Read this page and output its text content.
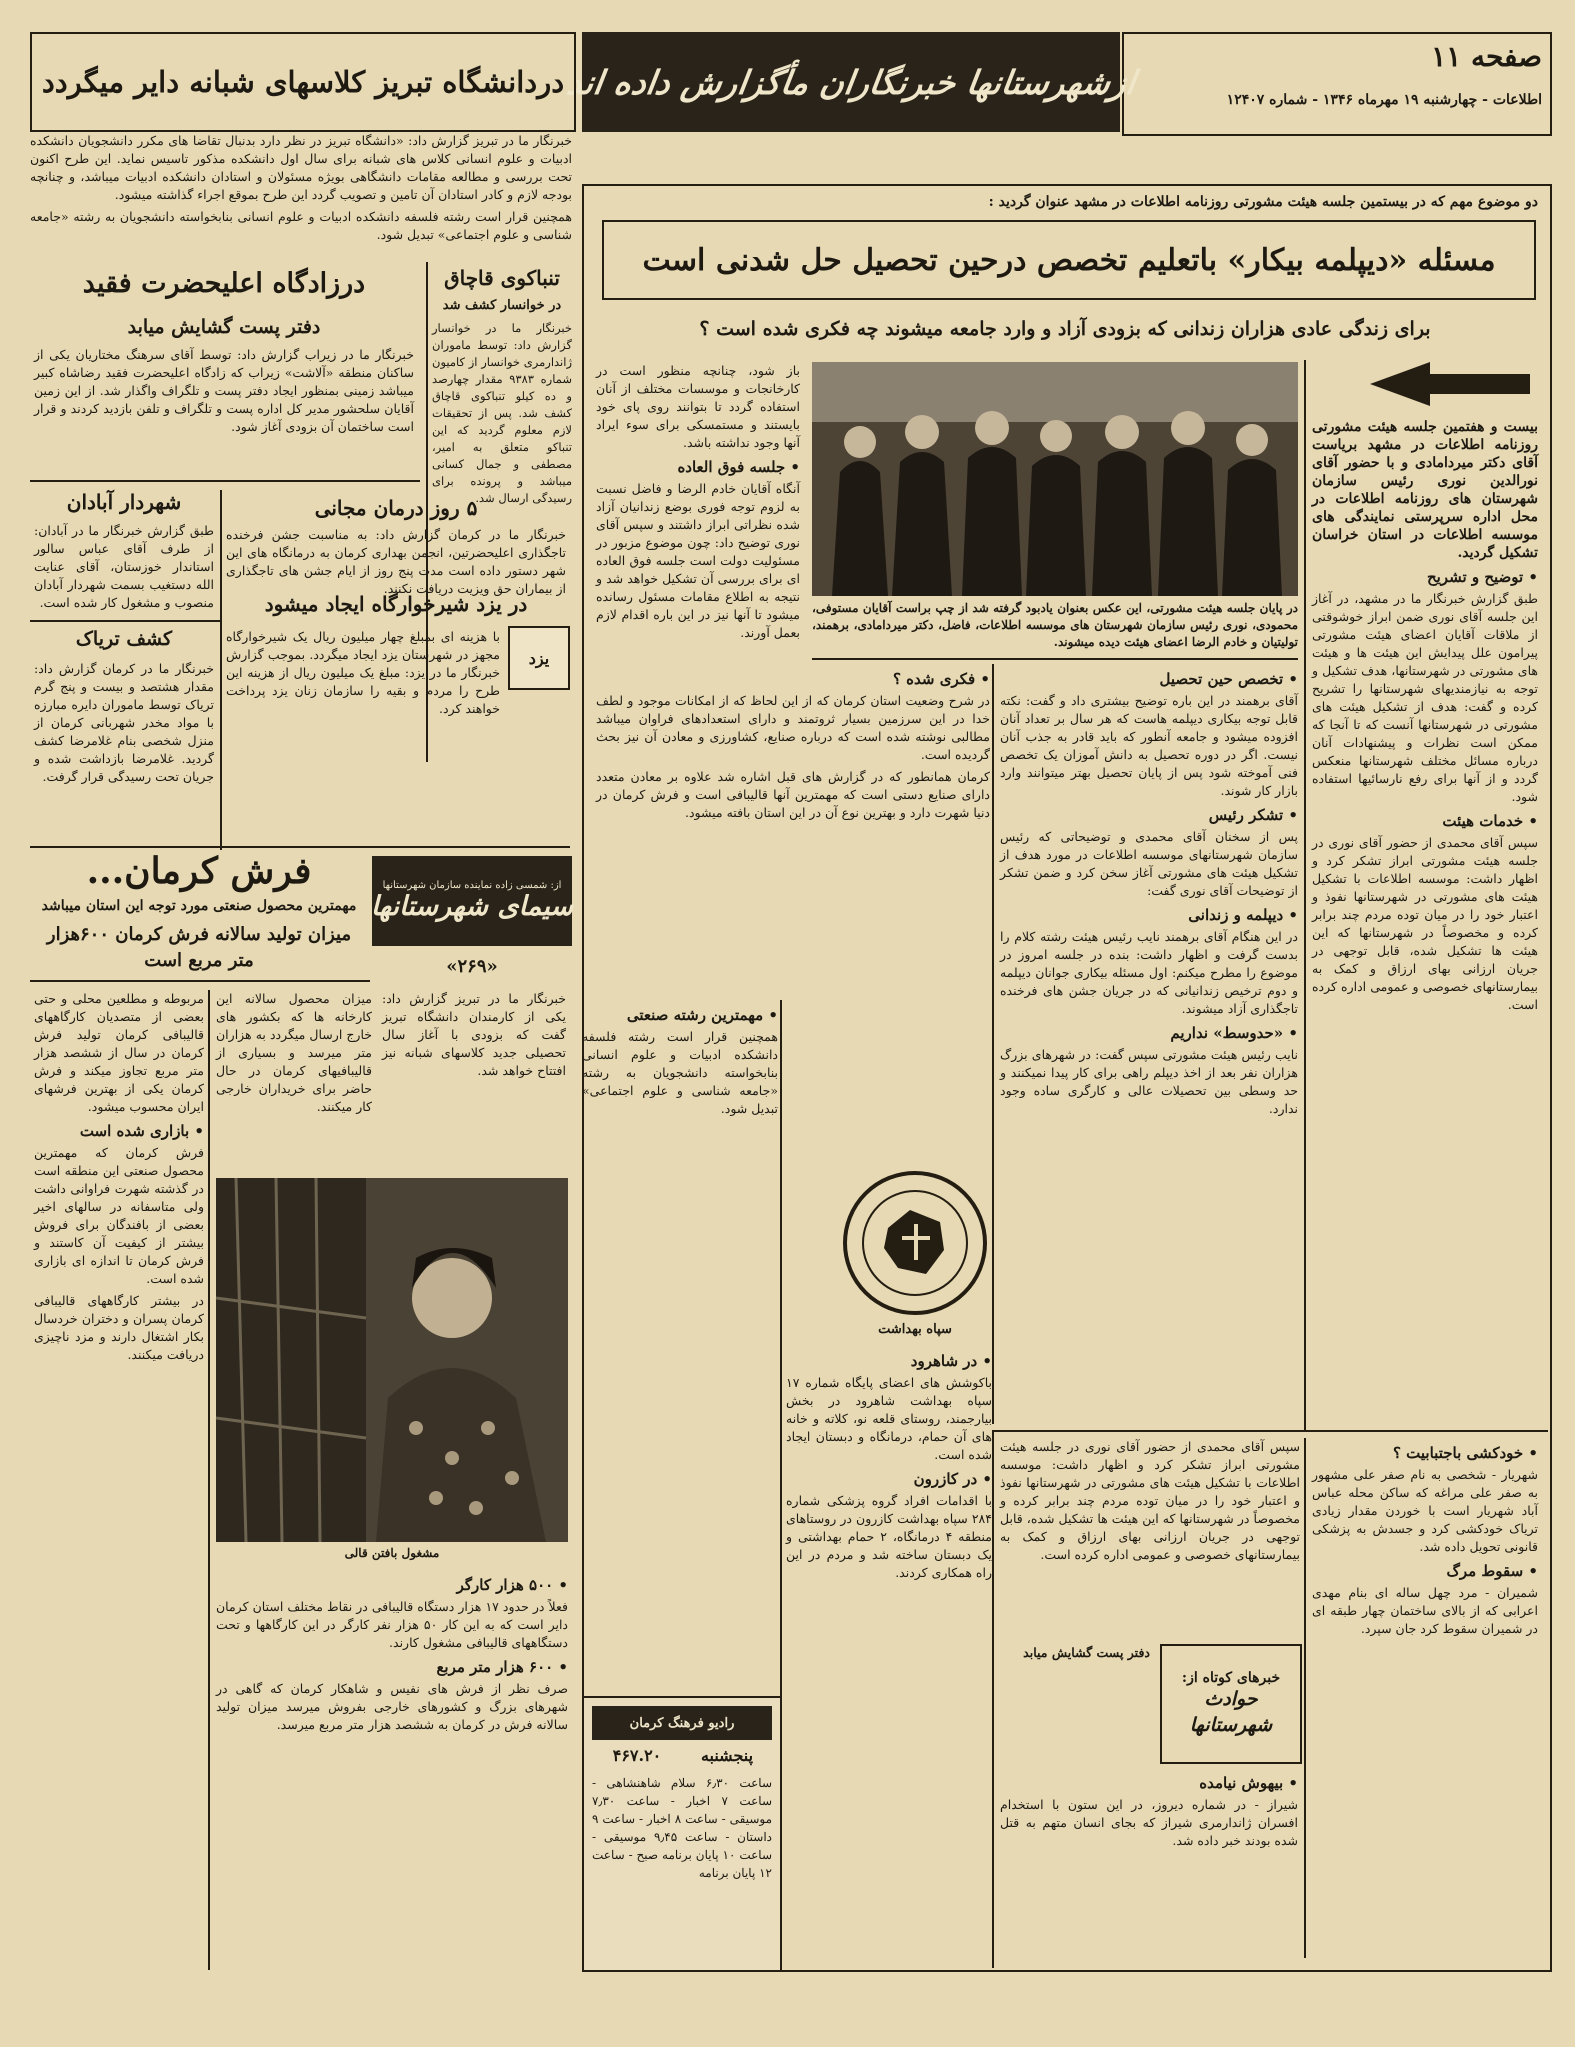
صفحه ۱۱
اطلاعات - چهارشنبه ۱۹ مهرماه ۱۳۴۶ - شماره ۱۲۴۰۷
ازشهرستانها خبرنگاران مأگزارش داده اند
دردانشگاه تبریز کلاسهای شبانه دایر میگردد

خبرنگار ما در تبریز گزارش داد: «دانشگاه تبریز در نظر دارد بدنبال تقاضا های مکرر دانشجویان دانشکده ادبیات و علوم انسانی کلاس های شبانه برای سال اول دانشکده مذکور تاسیس نماید. این طرح اکنون تحت بررسی و مطالعه مقامات دانشگاهی بویژه مسئولان و استادان دانشکده ادبیات میباشد، و چنانچه بودجه لازم و کادر استادان آن تامین و تصویب گردد این طرح بموقع اجراء گذاشته میشود.

همچنین قرار است رشته فلسفه دانشکده ادبیات و علوم انسانی بنابخواسته دانشجویان به رشته «جامعه شناسی و علوم اجتماعی» تبدیل شود.

دو موضوع مهم که در بیستمین جلسه هیئت مشورتی روزنامه اطلاعات در مشهد عنوان گردید :
مسئله «دیپلمه بیکار» باتعلیم تخصص درحین تحصیل حل شدنی است
برای زندگی عادی هزاران زندانی که بزودی آزاد و وارد جامعه میشوند چه فکری شده است ؟

بیست و هفتمین جلسه هیئت مشورتی روزنامه اطلاعات در مشهد بریاست آقای دکتر میردامادی و با حضور آقای نورالدین نوری رئیس سازمان شهرستان های روزنامه اطلاعات در محل اداره سرپرستی نمایندگی های موسسه اطلاعات در استان خراسان تشکیل گردید.

• توضیح و تشریح

طبق گزارش خبرنگار ما در مشهد، در آغاز این جلسه آقای نوری ضمن ابراز خوشوقتی از ملاقات آقایان اعضای هیئت مشورتی پیرامون علل پیدایش این هیئت ها و هیئت های مشورتی در شهرستانها، هدف تشکیل و توجه به نیازمندیهای شهرستانها را تشریح کرده و گفت: هدف از تشکیل هیئت های مشورتی در شهرستانها آنست که تا آنجا که ممکن است نظرات و پیشنهادات آنان درباره مسائل مختلف شهرستانها منعکس گردد و از آنها برای رفع نارسائیها استفاده شود.

• خدمات هیئت

سپس آقای محمدی از حضور آقای نوری در جلسه هیئت مشورتی ابراز تشکر کرد و اظهار داشت: موسسه اطلاعات با تشکیل هیئت های مشورتی در شهرستانها نفوذ و اعتبار خود را در میان توده مردم چند برابر کرده و مخصوصاً در شهرستانها که این هیئت ها تشکیل شده، قابل توجهی در جریان ارزانی بهای ارزاق و کمک به بیمارستانهای خصوصی و عمومی اداره کرده است.

در پایان جلسه هیئت مشورتی، این عکس بعنوان یادبود گرفته شد از چپ براست آقایان مستوفی، محمودی، نوری رئیس سازمان شهرستان های موسسه اطلاعات، فاضل، دکتر میردامادی، برهمند، تولیتیان و خادم الرضا اعضای هیئت دیده میشوند.
• تخصص حین تحصیل

آقای برهمند در این باره توضیح بیشتری داد و گفت: نکته قابل توجه بیکاری دیپلمه هاست که هر سال بر تعداد آنان افزوده میشود و جامعه آنطور که باید قادر به جذب آنان نیست. اگر در دوره تحصیل به دانش آموزان یک تخصص فنی آموخته شود پس از پایان تحصیل بهتر میتوانند وارد بازار کار شوند.

• تشکر رئیس

پس از سخنان آقای محمدی و توضیحاتی که رئیس سازمان شهرستانهای موسسه اطلاعات در مورد هدف از تشکیل هیئت های مشورتی آغاز سخن کرد و ضمن تشکر از توضیحات آقای نوری گفت:

• دیپلمه و زندانی

در این هنگام آقای برهمند نایب رئیس هیئت رشته کلام را بدست گرفت و اظهار داشت: بنده در جلسه امروز در موضوع را مطرح میکنم: اول مسئله بیکاری جوانان دیپلمه و دوم ترخیص زندانیانی که در جریان جشن های فرخنده تاجگذاری آزاد میشوند.

• «حدوسط» نداریم

نایب رئیس هیئت مشورتی سپس گفت: در شهرهای بزرگ هزاران نفر بعد از اخذ دیپلم راهی برای کار پیدا نمیکنند و حد وسطی بین تحصیلات عالی و کارگری ساده وجود ندارد.

باز شود، چنانچه منظور است در کارخانجات و موسسات مختلف از آنان استفاده گردد تا بتوانند روی پای خود بایستند و مستمسکی برای سوء ایراد آنها وجود نداشته باشد.

• جلسه فوق العاده

آنگاه آقایان خادم الرضا و فاضل نسبت به لزوم توجه فوری بوضع زندانیان آزاد شده نظراتی ابراز داشتند و سپس آقای نوری توضیح داد: چون موضوع مزبور در مسئولیت دولت است جلسه فوق العاده ای برای بررسی آن تشکیل خواهد شد و نتیجه به اطلاع مقامات مسئول رسانده میشود تا آنها نیز در این باره اقدام لازم بعمل آورند.

• فکری شده ؟

در شرح وضعیت استان کرمان که از این لحاظ که از امکانات موجود و لطف خدا در این سرزمین بسیار ثروتمند و دارای استعدادهای فراوان میباشد مطالبی نوشته شده است که درباره صنایع، کشاورزی و معادن آن نیز بحث گردیده است.

کرمان همانطور که در گزارش های قبل اشاره شد علاوه بر معادن متعدد دارای صنایع دستی است که مهمترین آنها قالیبافی است و فرش کرمان در دنیا شهرت دارد و بهترین نوع آن در این استان بافته میشود.

درزادگاه اعلیحضرت فقید
دفتر پست گشایش میابد
خبرنگار ما در زیراب گزارش داد: توسط آقای سرهنگ مختاریان یکی از ساکنان منطقه «آلاشت» زیراب که زادگاه اعلیحضرت فقید رضاشاه کبیر میباشد زمینی بمنظور ایجاد دفتر پست و تلگراف واگذار شد. از این زمین آقایان سلحشور مدیر کل اداره پست و تلگراف و تلفن بازدید کردند و قرار است ساختمان آن بزودی آغاز شود.
تنباکوی قاچاق
در خوانسار کشف شد
خبرنگار ما در خوانسار گزارش داد: توسط ماموران ژاندارمری خوانسار از کامیون شماره ۹۳۸۳ مقدار چهارصد و ده کیلو تنباکوی قاچاق کشف شد. پس از تحقیقات لازم معلوم گردید که این تنباکو متعلق به امیر، مصطفی و جمال کسانی میباشد و پرونده برای رسیدگی ارسال شد.
شهردار آبادان
طبق گزارش خبرنگار ما در آبادان: از طرف آقای عباس سالور استاندار خوزستان، آقای عنایت الله دستغیب بسمت شهردار آبادان منصوب و مشغول کار شده است.
۵ روز درمان مجانی
خبرنگار ما در کرمان گزارش داد: به مناسبت جشن فرخنده تاجگذاری اعلیحضرتین، انجمن بهداری کرمان به درمانگاه های این شهر دستور داده است مدت پنج روز از ایام جشن های تاجگذاری از بیماران حق ویزیت دریافت نکنند.
در یزد شیرخوارگاه ایجاد میشود
کشف تریاک
خبرنگار ما در کرمان گزارش داد: مقدار هشتصد و بیست و پنج گرم تریاک توسط ماموران دایره مبارزه با مواد مخدر شهربانی کرمان از منزل شخصی بنام غلامرضا کشف گردید. غلامرضا بازداشت شده و جریان تحت رسیدگی قرار گرفت.
یزد
با هزینه ای بمبلغ چهار میلیون ریال یک شیرخوارگاه مجهز در شهرستان یزد ایجاد میگردد. بموجب گزارش خبرنگار ما در یزد: مبلغ یک میلیون ریال از هزینه این طرح را مردم و بقیه را سازمان زنان یزد پرداخت خواهند کرد.
از: شمسی زاده نماینده سازمان شهرستانها
سیمای شهرستانها
«۲۶۹»
فرش کرمان...
مهمترین محصول صنعتی مورد توجه این استان میباشد
میزان تولید سالانه فرش کرمان ۶۰۰هزار متر مربع است

خبرنگار ما در تبریز گزارش داد: یکی از کارمندان دانشگاه تبریز گفت که بزودی با آغاز سال تحصیلی جدید کلاسهای شبانه نیز افتتاح خواهد شد.

میزان محصول سالانه این کارخانه ها که بکشور های خارج ارسال میگردد به هزاران متر میرسد و بسیاری از قالیبافیهای کرمان در حال حاضر برای خریداران خارجی کار میکنند.

مربوطه و مطلعین محلی و حتی بعضی از متصدیان کارگاههای قالیبافی کرمان تولید فرش کرمان در سال از ششصد هزار متر مربع تجاوز میکند و فرش کرمان یکی از بهترین فرشهای ایران محسوب میشود.

• بازاری شده است

فرش کرمان که مهمترین محصول صنعتی این منطقه است در گذشته شهرت فراوانی داشت ولی متاسفانه در سالهای اخیر بعضی از بافندگان برای فروش بیشتر از کیفیت آن کاستند و فرش کرمان تا اندازه ای بازاری شده است.

در بیشتر کارگاههای قالیبافی کرمان پسران و دختران خردسال بکار اشتغال دارند و مزد ناچیزی دریافت میکنند.

مشغول بافتن قالی
• ۵۰۰ هزار کارگر

فعلاً در حدود ۱۷ هزار دستگاه قالیبافی در نقاط مختلف استان کرمان دایر است که به این کار ۵۰ هزار نفر کارگر در این کارگاهها و تحت دستگاههای قالیبافی مشغول کارند.

• ۶۰۰ هزار متر مربع

صرف نظر از فرش های نفیس و شاهکار کرمان که گاهی در شهرهای بزرگ و کشورهای خارجی بفروش میرسد میزان تولید سالانه فرش در کرمان به ششصد هزار متر مربع میرسد.

• مهمترین رشته صنعتی

همچنین قرار است رشته فلسفه دانشکده ادبیات و علوم انسانی بنابخواسته دانشجویان به رشته «جامعه شناسی و علوم اجتماعی» تبدیل شود.

سپاه بهداشت
• در شاهرود

باکوشش های اعضای پایگاه شماره ۱۷ سپاه بهداشت شاهرود در بخش بیارجمند، روستای قلعه نو، کلاته و خانه های آن حمام، درمانگاه و دبستان ایجاد شده است.

• در کازرون

با اقدامات افراد گروه پزشکی شماره ۲۸۴ سپاه بهداشت کازرون در روستاهای منطقه ۴ درمانگاه، ۲ حمام بهداشتی و یک دبستان ساخته شد و مردم در این راه همکاری کردند.

رادیو فرهنگ کرمان
۴۶۷.۲۰	پنجشنبه
ساعت ۶٫۳۰ سلام شاهنشاهی - ساعت ۷ اخبار - ساعت ۷٫۳۰ موسیقی - ساعت ۸ اخبار - ساعت ۹ داستان - ساعت ۹٫۴۵ موسیقی - ساعت ۱۰ پایان برنامه صبح - ساعت ۱۲ پایان برنامه
• خودکشی باجتبابیت ؟

شهریار - شخصی به نام صفر علی مشهور به صفر علی مراغه که ساکن محله عباس آباد شهریار است با خوردن مقدار زیادی تریاک خودکشی کرد و جسدش به پزشکی قانونی تحویل داده شد.

• سقوط مرگ

شمیران - مرد چهل ساله ای بنام مهدی اعرابی که از بالای ساختمان چهار طبقه ای در شمیران سقوط کرد جان سپرد.

خبرهای کوتاه از:
حوادث شهرستانها

سپس آقای محمدی از حضور آقای نوری در جلسه هیئت مشورتی ابراز تشکر کرد و اظهار داشت: موسسه اطلاعات با تشکیل هیئت های مشورتی در شهرستانها نفوذ و اعتبار خود را در میان توده مردم چند برابر کرده و مخصوصاً در شهرستانها که این هیئت ها تشکیل شده، قابل توجهی در جریان ارزانی بهای ارزاق و کمک به بیمارستانهای خصوصی و عمومی اداره کرده است.

• بیهوش نیامده

شیراز - در شماره دیروز، در این ستون با استخدام افسران ژاندارمری شیراز که بجای انسان متهم به قتل شده بودند خبر داده شد.

دفتر پست گشایش میابد
